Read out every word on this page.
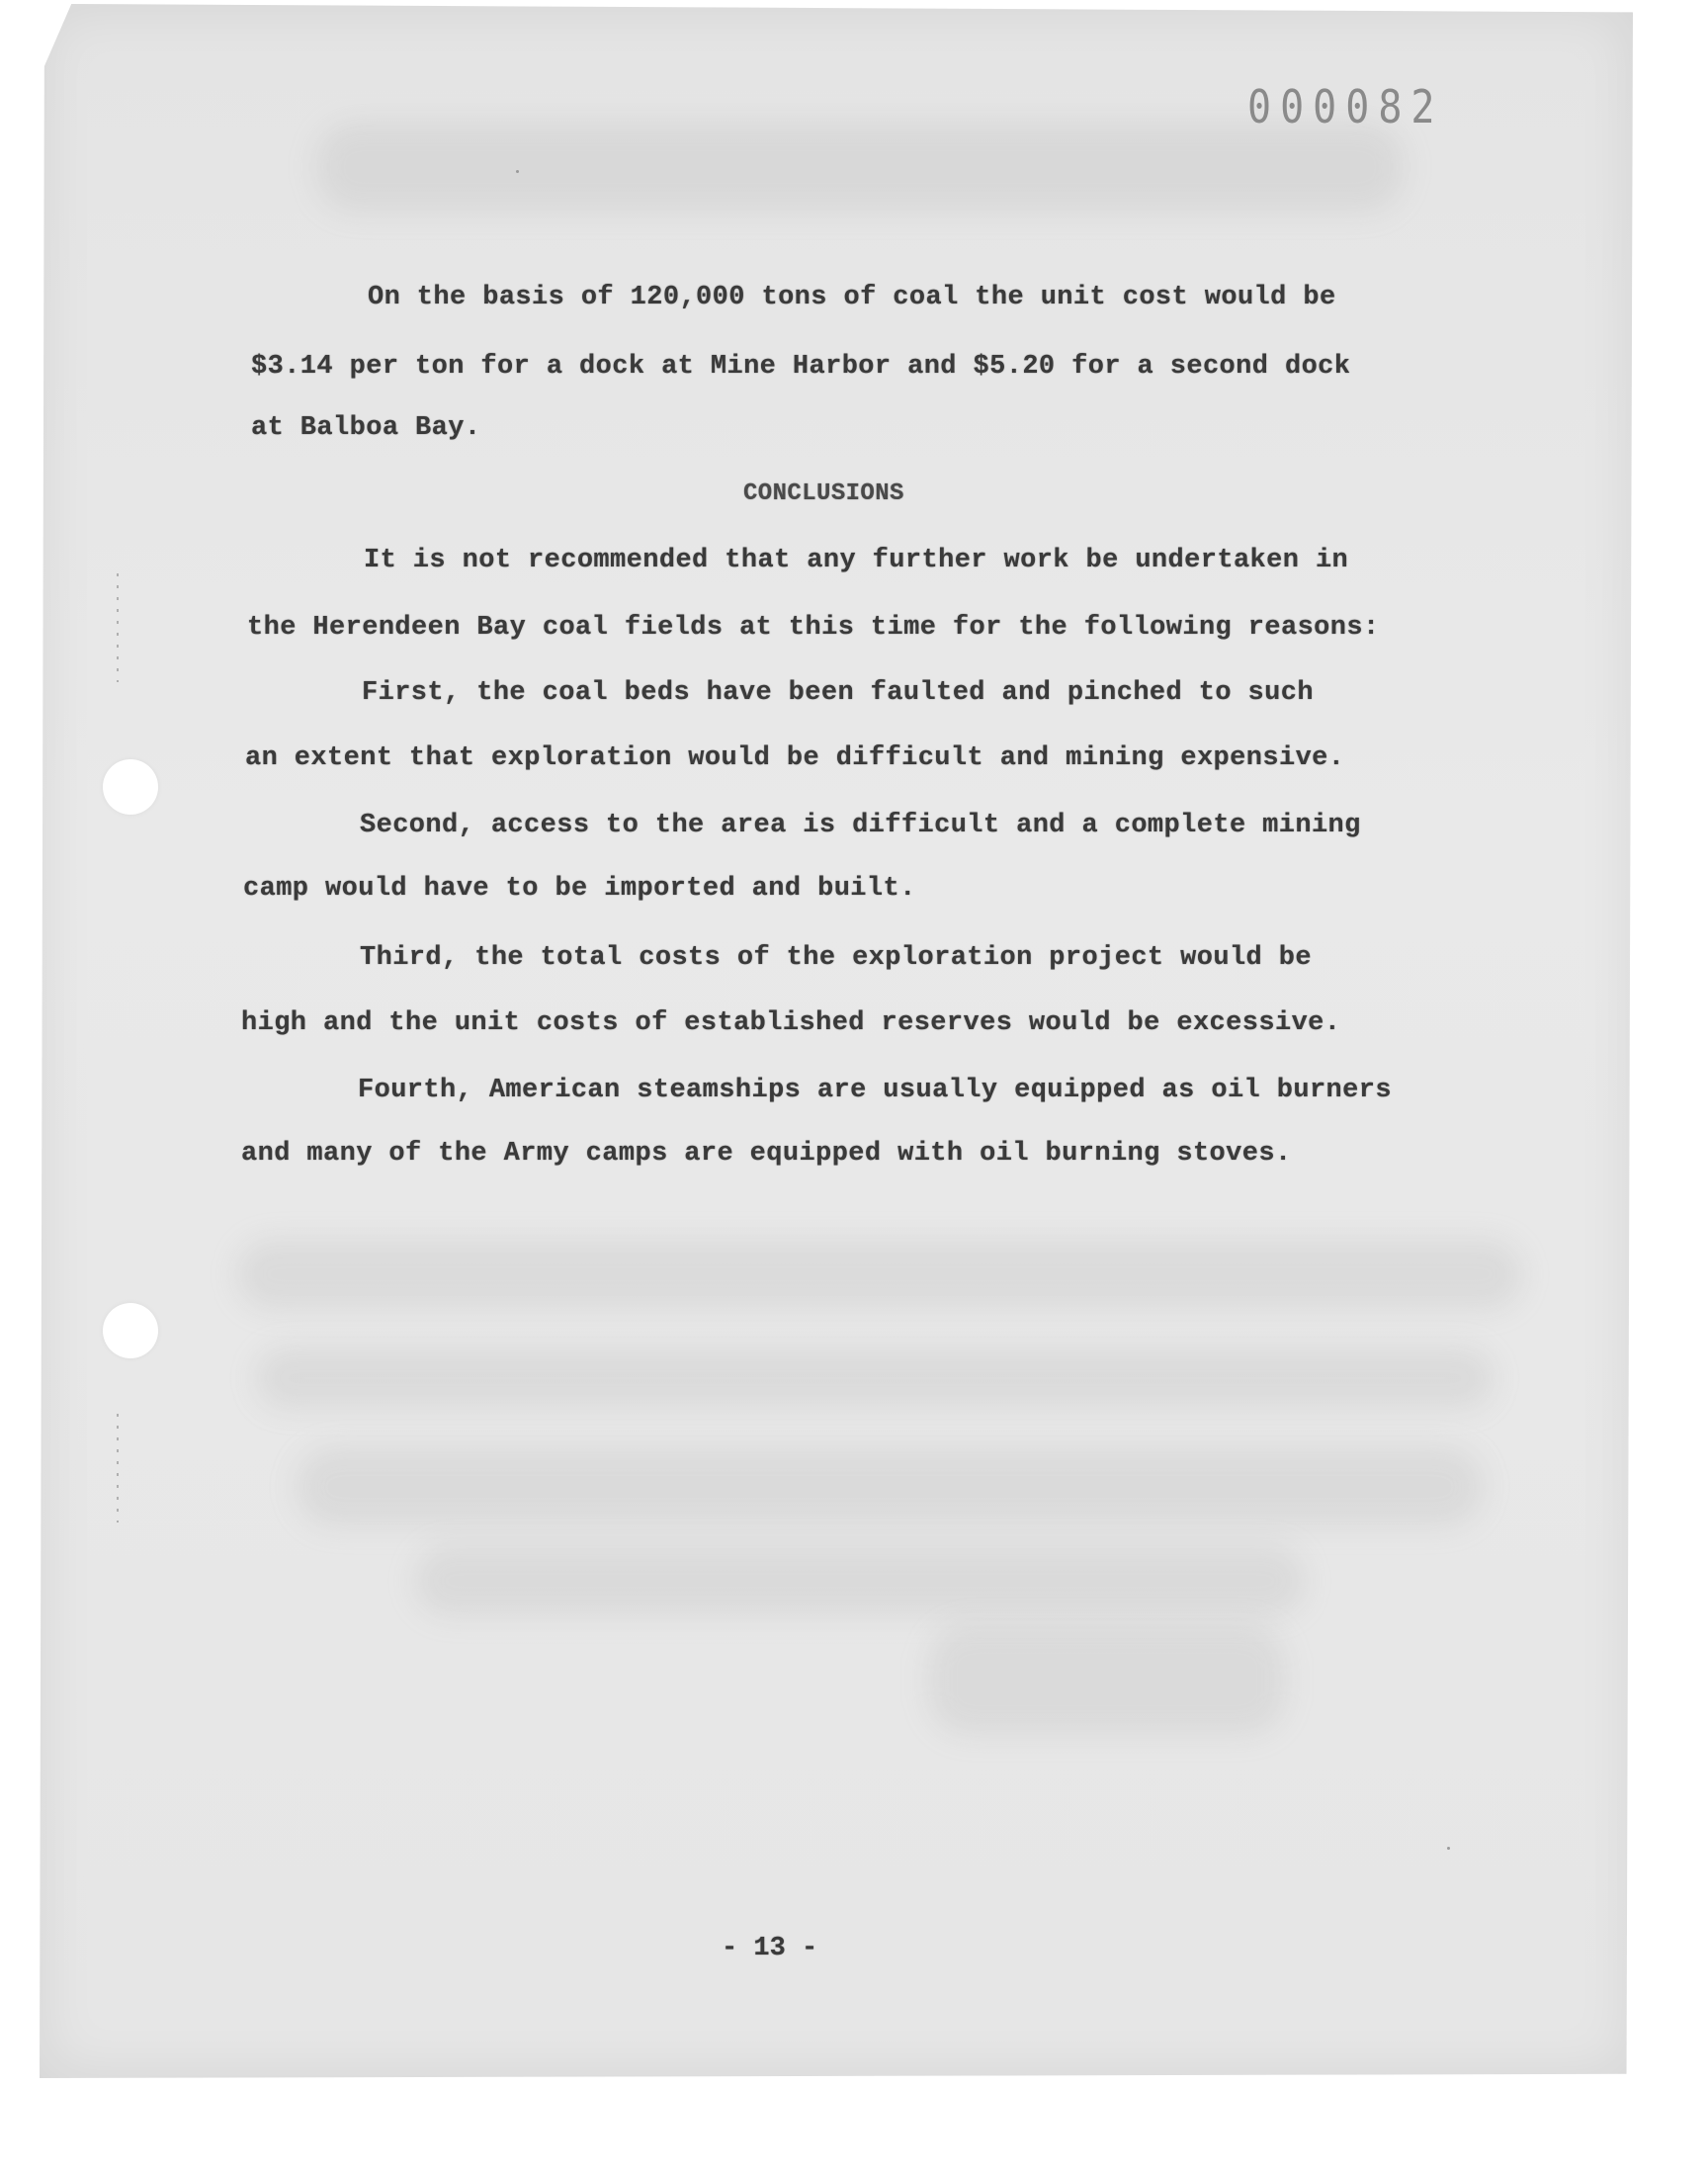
000082
On the basis of 120,000 tons of coal the unit cost would be
$3.14 per ton for a dock at Mine Harbor and $5.20 for a second dock
at Balboa Bay.
CONCLUSIONS
It is not recommended that any further work be undertaken in
the Herendeen Bay coal fields at this time for the following reasons:
First, the coal beds have been faulted and pinched to such
an extent that exploration would be difficult and mining expensive.
Second, access to the area is difficult and a complete mining
camp would have to be imported and built.
Third, the total costs of the exploration project would be
high and the unit costs of established reserves would be excessive.
Fourth, American steamships are usually equipped as oil burners
and many of the Army camps are equipped with oil burning stoves.
- 13 -
